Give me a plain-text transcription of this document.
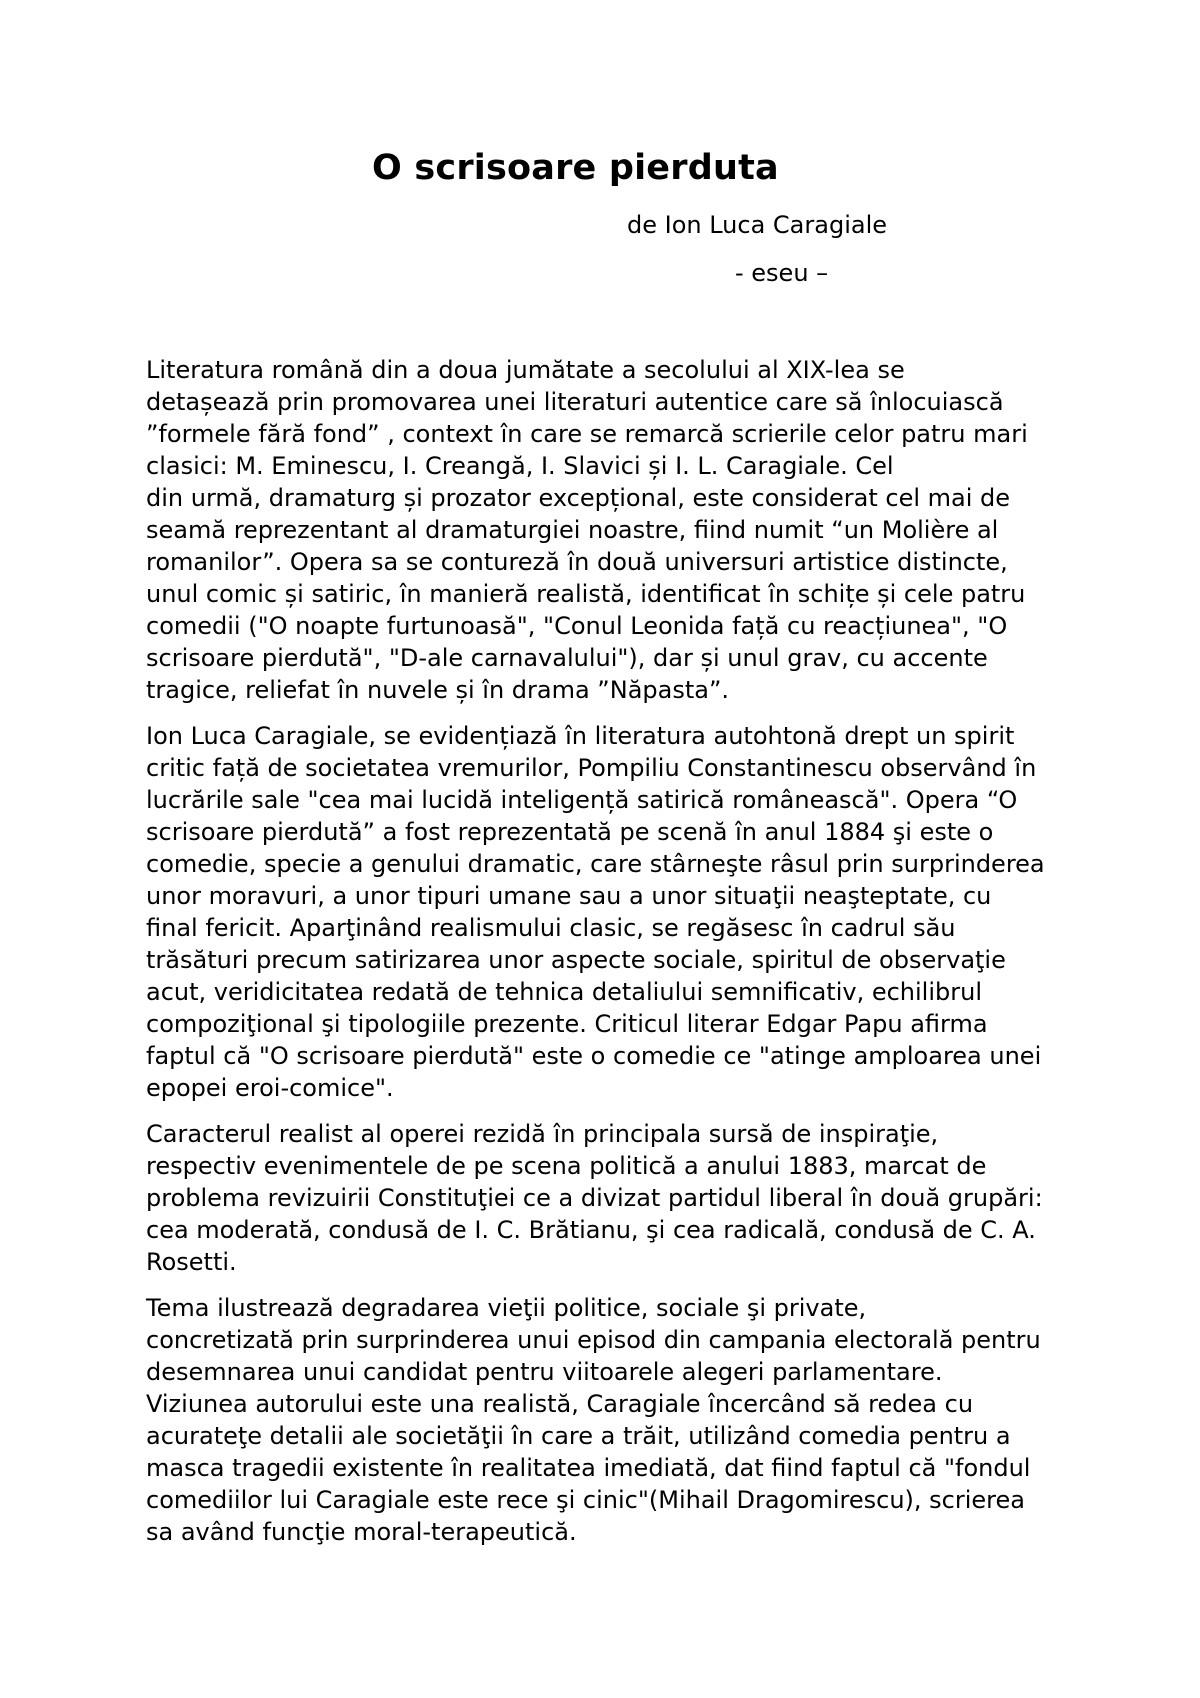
O scrisoare pierduta
de Ion Luca Caragiale
- eseu –

Literatura română din a doua jumătate a secolului al XIX-lea se
detașează prin promovarea unei literaturi autentice care să înlocuiască
”formele fără fond” , context în care se remarcă scrierile celor patru mari
clasici: M. Eminescu, I. Creangă, I. Slavici și I. L. Caragiale. Cel
din urmă, dramaturg și prozator excepțional, este considerat cel mai de
seamă reprezentant al dramaturgiei noastre, fiind numit “un Molière al
romanilor”. Opera sa se contureză în două universuri artistice distincte,
unul comic și satiric, în manieră realistă, identificat în schițe și cele patru
comedii ("O noapte furtunoasă", "Conul Leonida față cu reacțiunea", "O
scrisoare pierdută", "D-ale carnavalului"), dar și unul grav, cu accente
tragice, reliefat în nuvele și în drama ”Năpasta”.

Ion Luca Caragiale, se evidențiază în literatura autohtonă drept un spirit
critic față de societatea vremurilor, Pompiliu Constantinescu observând în
lucrările sale "cea mai lucidă inteligență satirică românească". Opera “O
scrisoare pierdută” a fost reprezentată pe scenă în anul 1884 şi este o
comedie, specie a genului dramatic, care stârneşte râsul prin surprinderea
unor moravuri, a unor tipuri umane sau a unor situaţii neaşteptate, cu
final fericit. Aparţinând realismului clasic, se regăsesc în cadrul său
trăsături precum satirizarea unor aspecte sociale, spiritul de observaţie
acut, veridicitatea redată de tehnica detaliului semnificativ, echilibrul
compoziţional şi tipologiile prezente. Criticul literar Edgar Papu afirma
faptul că "O scrisoare pierdută" este o comedie ce "atinge amploarea unei
epopei eroi-comice".

Caracterul realist al operei rezidă în principala sursă de inspiraţie,
respectiv evenimentele de pe scena politică a anului 1883, marcat de
problema revizuirii Constituţiei ce a divizat partidul liberal în două grupări:
cea moderată, condusă de I. C. Brătianu, şi cea radicală, condusă de C. A.
Rosetti.

Tema ilustrează degradarea vieţii politice, sociale şi private,
concretizată prin surprinderea unui episod din campania electorală pentru
desemnarea unui candidat pentru viitoarele alegeri parlamentare.
Viziunea autorului este una realistă, Caragiale încercând să redea cu
acurateţe detalii ale societăţii în care a trăit, utilizând comedia pentru a
masca tragedii existente în realitatea imediată, dat fiind faptul că "fondul
comediilor lui Caragiale este rece şi cinic"(Mihail Dragomirescu), scrierea
sa având funcţie moral-terapeutică.
